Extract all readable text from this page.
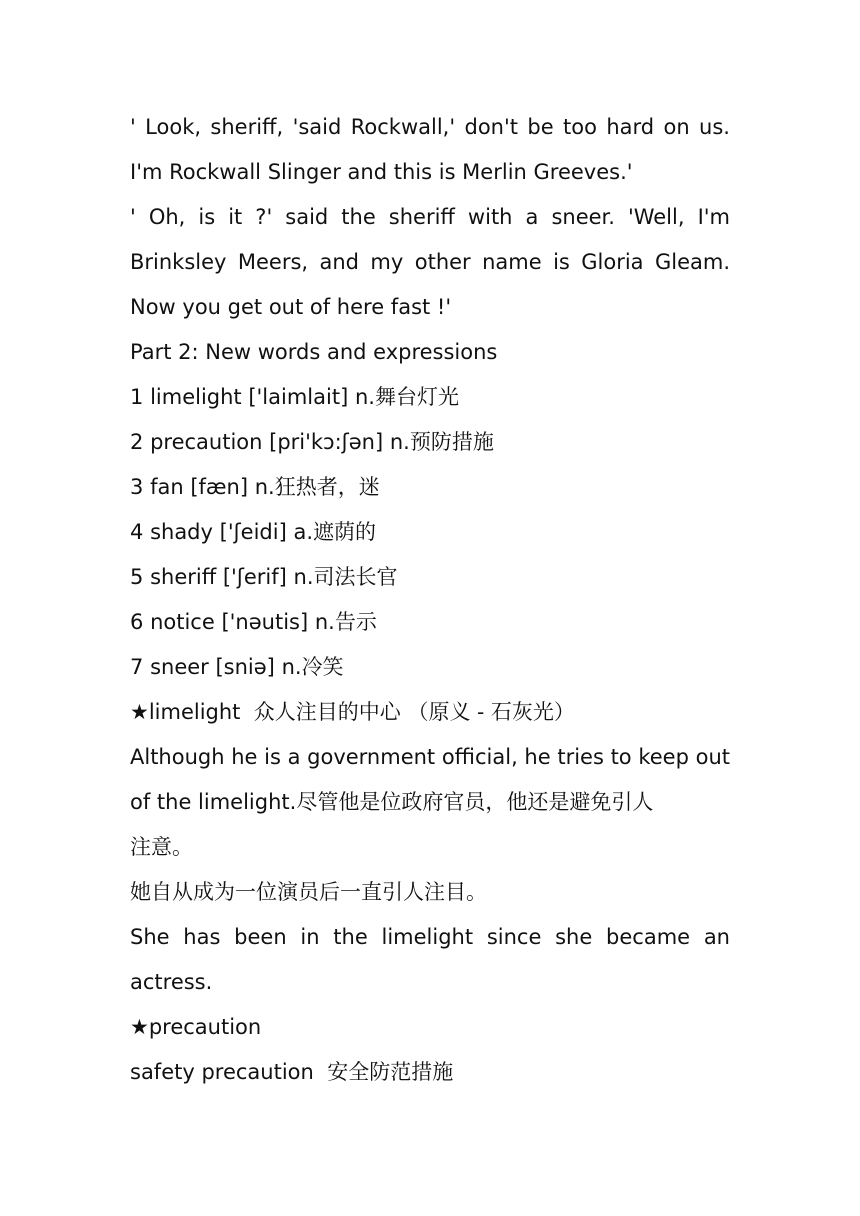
' Look, sheriff, 'said Rockwall,' don't be too hard on us.
I'm Rockwall Slinger and this is Merlin Greeves.'
' Oh, is it ?' said the sheriff with a sneer. 'Well, I'm
Brinksley Meers, and my other name is Gloria Gleam.
Now you get out of here fast !'
Part 2: New words and expressions
1 limelight ['laimlait] n.舞台灯光
2 precaution [pri'kɔ:ʃən] n.预防措施
3 fan [fæn] n.狂热者，迷
4 shady ['ʃeidi] a.遮荫的
5 sheriff ['ʃerif] n.司法长官
6 notice ['nəutis] n.告示
7 sneer [sniə] n.冷笑
★limelight 众人注目的中心 （原义 - 石灰光）
Although he is a government official, he tries to keep out
of the limelight.尽管他是位政府官员，他还是避免引人
注意。
她自从成为一位演员后一直引人注目。
She has been in the limelight since she became an
actress.
★precaution
safety precaution 安全防范措施
